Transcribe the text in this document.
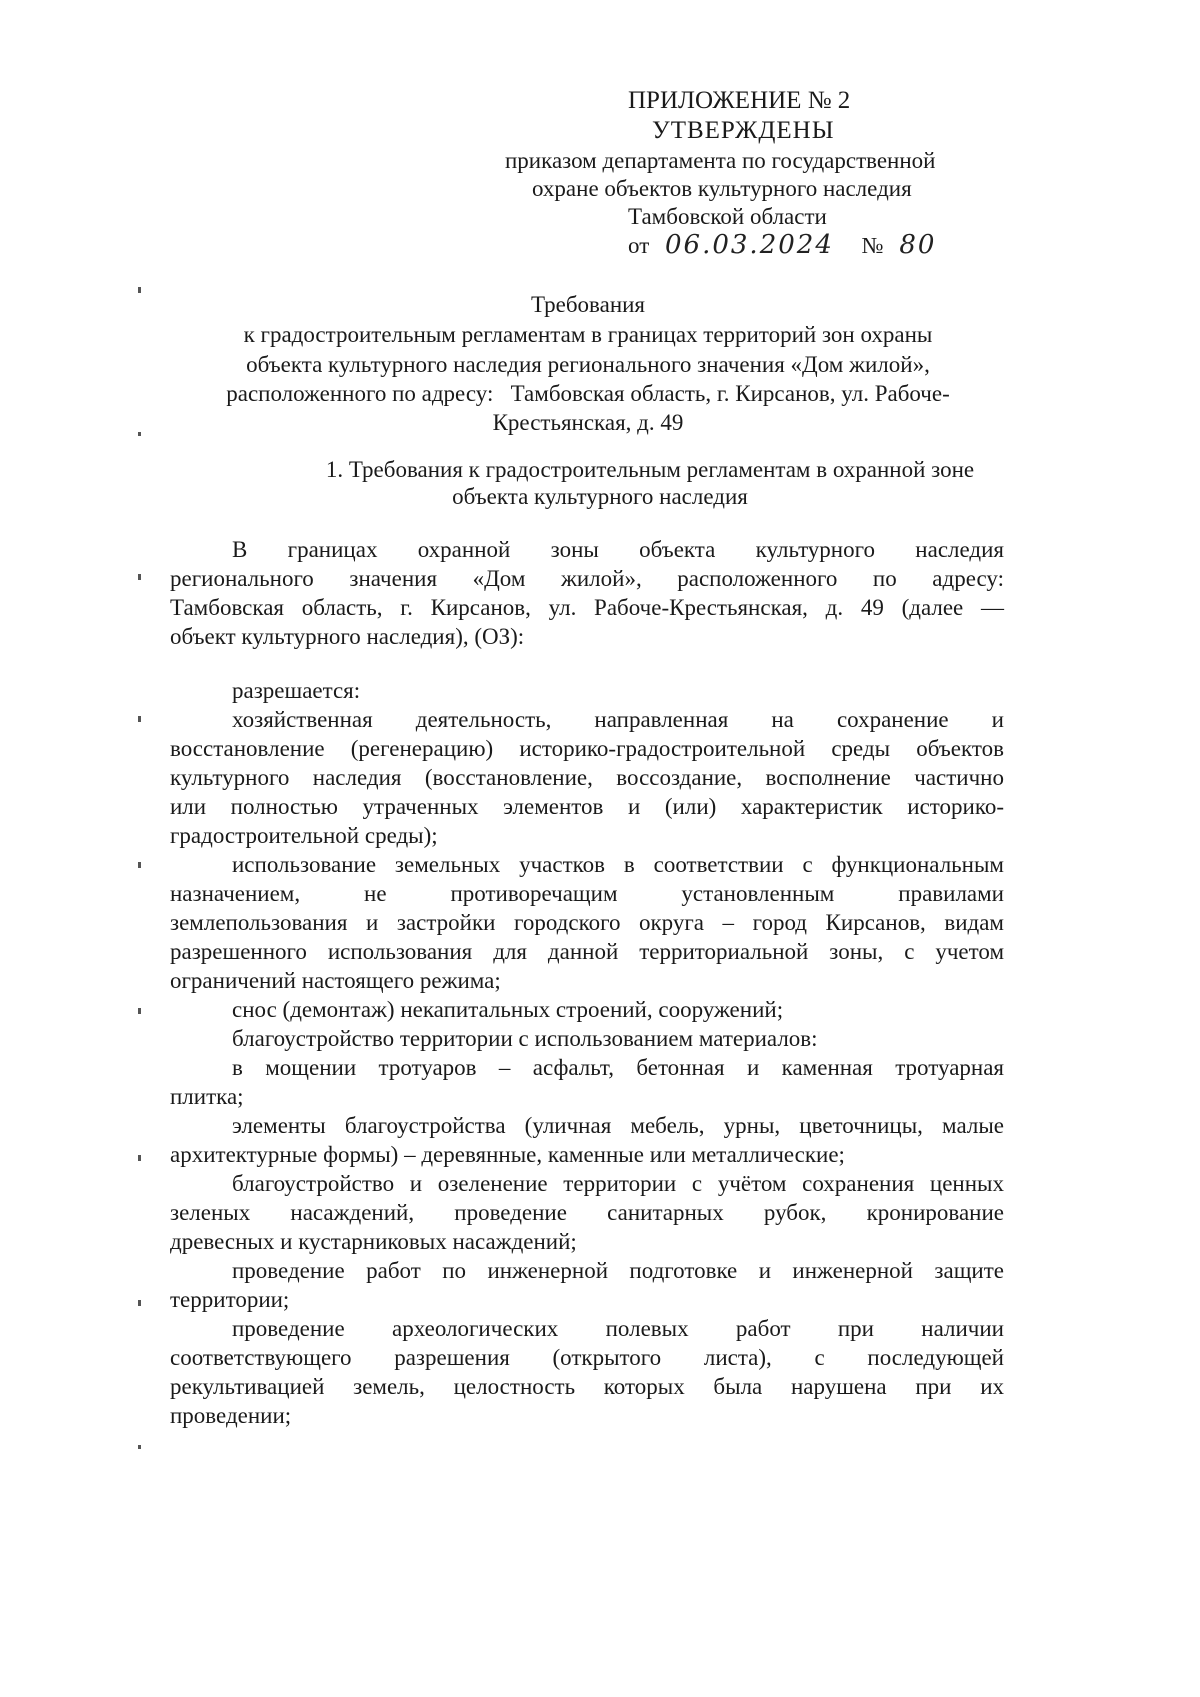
ПРИЛОЖЕНИЕ № 2
УТВЕРЖДЕНЫ
приказом департамента по государственной
охране объектов культурного наследия
Тамбовской области
от 06.03.2024 № 80
Требования
к градостроительным регламентам в границах территорий зон охраны
объекта культурного наследия регионального значения «Дом жилой»,
расположенного по адресу:   Тамбовская область, г. Кирсанов, ул. Рабоче-
Крестьянская, д. 49
1. Требования к градостроительным регламентам в охранной зоне
объекта культурного наследия
В границах охранной зоны объекта культурного наследия
регионального значения «Дом жилой», расположенного по адресу:
Тамбовская область, г. Кирсанов, ул. Рабоче-Крестьянская, д. 49 (далее —
объект культурного наследия), (ОЗ):
разрешается:
хозяйственная деятельность, направленная на сохранение и
восстановление (регенерацию) историко-градостроительной среды объектов
культурного наследия (восстановление, воссоздание, восполнение частично
или полностью утраченных элементов и (или) характеристик историко-
градостроительной среды);
использование земельных участков в соответствии с функциональным
назначением, не противоречащим установленным правилами
землепользования и застройки городского округа – город Кирсанов, видам
разрешенного использования для данной территориальной зоны, с учетом
ограничений настоящего режима;
снос (демонтаж) некапитальных строений, сооружений;
благоустройство территории с использованием материалов:
в мощении тротуаров – асфальт, бетонная и каменная тротуарная
плитка;
элементы благоустройства (уличная мебель, урны, цветочницы, малые
архитектурные формы) – деревянные, каменные или металлические;
благоустройство и озеленение территории с учётом сохранения ценных
зеленых насаждений, проведение санитарных рубок, кронирование
древесных и кустарниковых насаждений;
проведение работ по инженерной подготовке и инженерной защите
территории;
проведение археологических полевых работ при наличии
соответствующего разрешения (открытого листа), с последующей
рекультивацией земель, целостность которых была нарушена при их
проведении;
